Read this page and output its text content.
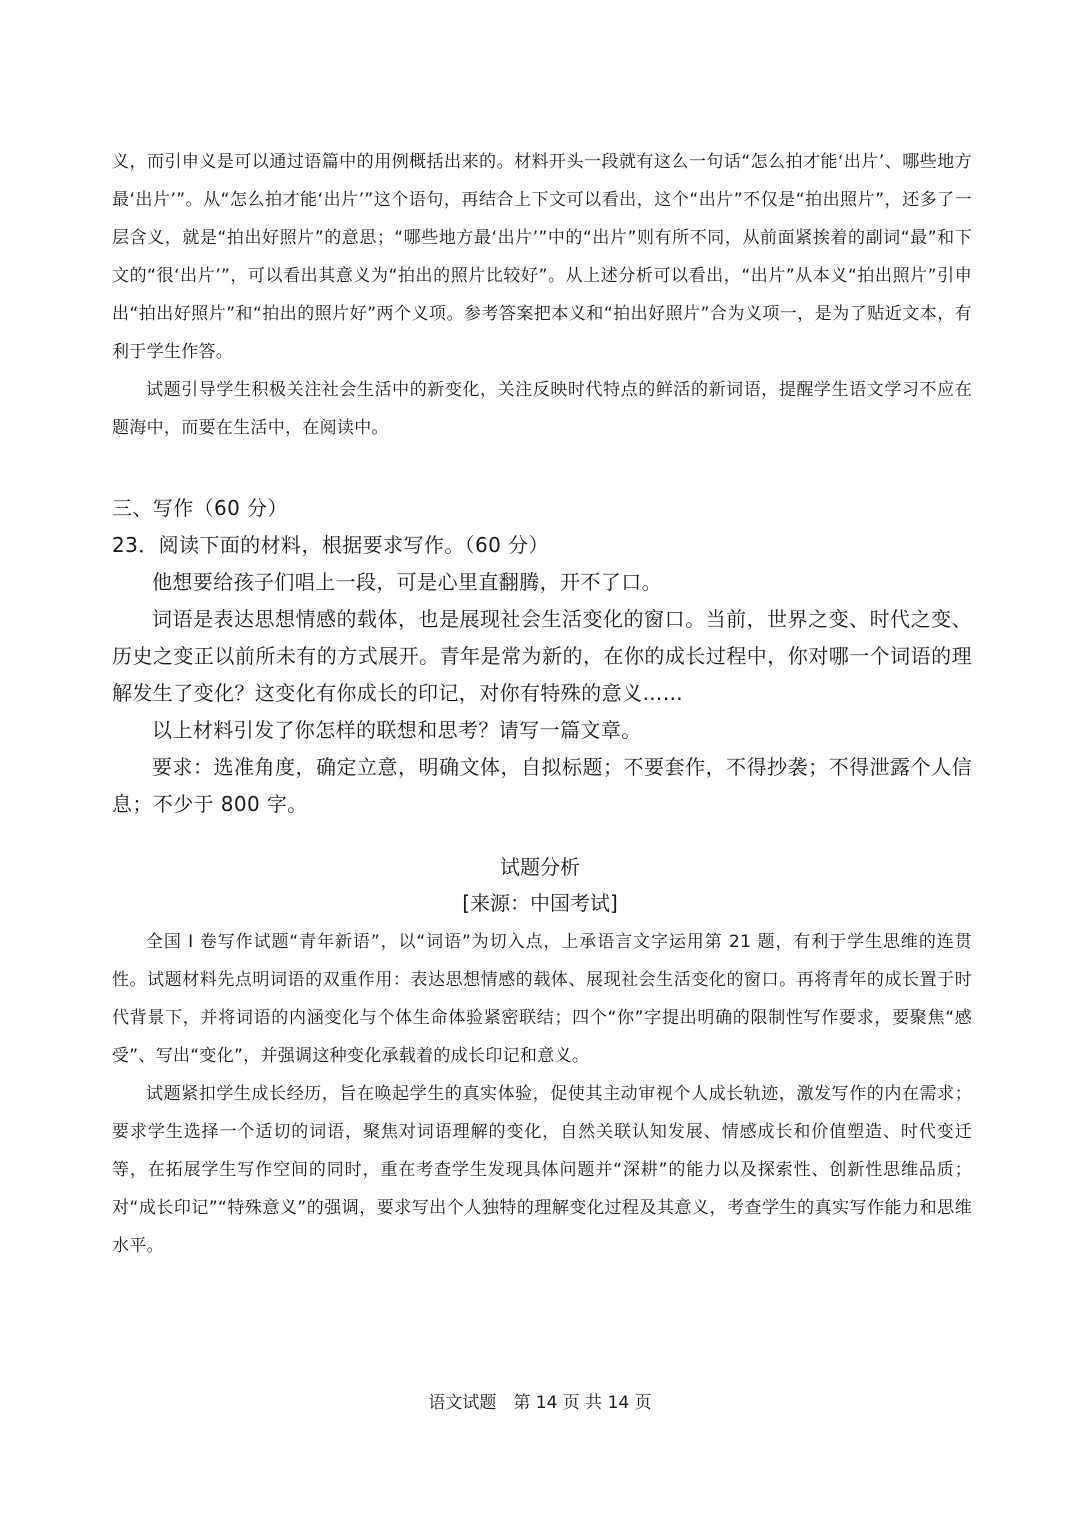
义，而引申义是可以通过语篇中的用例概括出来的。材料开头一段就有这么一句话“怎么拍才能‘出片’、哪些地方最‘出片’”。从“怎么拍才能‘出片’”这个语句，再结合上下文可以看出，这个“出片”不仅是“拍出照片”，还多了一层含义，就是“拍出好照片”的意思；“哪些地方最‘出片’”中的“出片”则有所不同，从前面紧挨着的副词“最”和下文的“很‘出片’”，可以看出其意义为“拍出的照片比较好”。从上述分析可以看出，“出片”从本义“拍出照片”引申出“拍出好照片”和“拍出的照片好”两个义项。参考答案把本义和“拍出好照片”合为义项一，是为了贴近文本，有利于学生作答。

试题引导学生积极关注社会生活中的新变化，关注反映时代特点的鲜活的新词语，提醒学生语文学习不应在题海中，而要在生活中，在阅读中。

三、写作（60 分）

23．阅读下面的材料，根据要求写作。（60 分）

他想要给孩子们唱上一段，可是心里直翻腾，开不了口。

词语是表达思想情感的载体，也是展现社会生活变化的窗口。当前，世界之变、时代之变、历史之变正以前所未有的方式展开。青年是常为新的，在你的成长过程中，你对哪一个词语的理解发生了变化？这变化有你成长的印记，对你有特殊的意义……

以上材料引发了你怎样的联想和思考？请写一篇文章。

要求：选准角度，确定立意，明确文体，自拟标题；不要套作，不得抄袭；不得泄露个人信息；不少于 800 字。

试题分析
[来源：中国考试]

全国 I 卷写作试题“青年新语”，以“词语”为切入点，上承语言文字运用第 21 题，有利于学生思维的连贯性。试题材料先点明词语的双重作用：表达思想情感的载体、展现社会生活变化的窗口。再将青年的成长置于时代背景下，并将词语的内涵变化与个体生命体验紧密联结；四个“你”字提出明确的限制性写作要求，要聚焦“感受”、写出“变化”，并强调这种变化承载着的成长印记和意义。

试题紧扣学生成长经历，旨在唤起学生的真实体验，促使其主动审视个人成长轨迹，激发写作的内在需求；要求学生选择一个适切的词语，聚焦对词语理解的变化，自然关联认知发展、情感成长和价值塑造、时代变迁等，在拓展学生写作空间的同时，重在考查学生发现具体问题并“深耕”的能力以及探索性、创新性思维品质；对“成长印记”“特殊意义”的强调，要求写出个人独特的理解变化过程及其意义，考查学生的真实写作能力和思维水平。

语文试题　第 14 页 共 14 页
